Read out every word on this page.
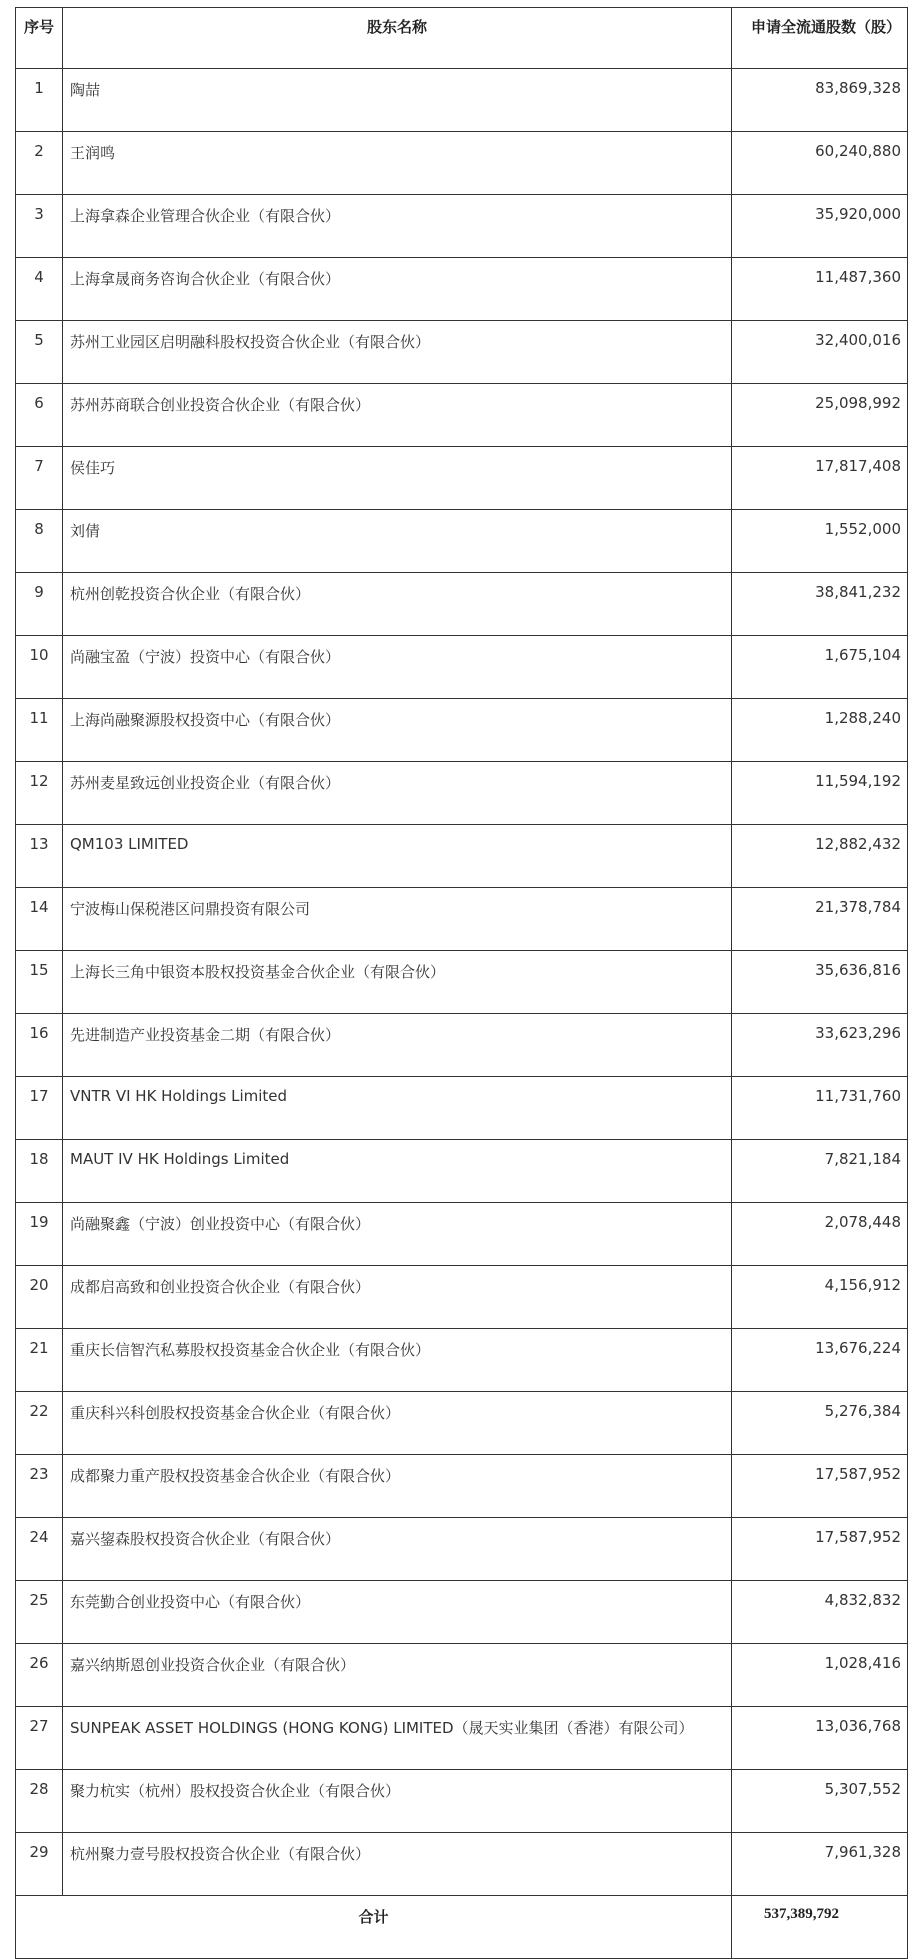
序号	股东名称	申请全流通股数（股）
1	陶喆	83,869,328
2	王润鸣	60,240,880
3	上海拿森企业管理合伙企业（有限合伙）	35,920,000
4	上海拿晟商务咨询合伙企业（有限合伙）	11,487,360
5	苏州工业园区启明融科股权投资合伙企业（有限合伙）	32,400,016
6	苏州苏商联合创业投资合伙企业（有限合伙）	25,098,992
7	侯佳巧	17,817,408
8	刘倩	1,552,000
9	杭州创乾投资合伙企业（有限合伙）	38,841,232
10	尚融宝盈（宁波）投资中心（有限合伙）	1,675,104
11	上海尚融聚源股权投资中心（有限合伙）	1,288,240
12	苏州麦星致远创业投资企业（有限合伙）	11,594,192
13	QM103 LIMITED	12,882,432
14	宁波梅山保税港区问鼎投资有限公司	21,378,784
15	上海长三角中银资本股权投资基金合伙企业（有限合伙）	35,636,816
16	先进制造产业投资基金二期（有限合伙）	33,623,296
17	VNTR VI HK Holdings Limited	11,731,760
18	MAUT IV HK Holdings Limited	7,821,184
19	尚融聚鑫（宁波）创业投资中心（有限合伙）	2,078,448
20	成都启高致和创业投资合伙企业（有限合伙）	4,156,912
21	重庆长信智汽私募股权投资基金合伙企业（有限合伙）	13,676,224
22	重庆科兴科创股权投资基金合伙企业（有限合伙）	5,276,384
23	成都聚力重产股权投资基金合伙企业（有限合伙）	17,587,952
24	嘉兴鋆森股权投资合伙企业（有限合伙）	17,587,952
25	东莞勤合创业投资中心（有限合伙）	4,832,832
26	嘉兴纳斯恩创业投资合伙企业（有限合伙）	1,028,416
27	SUNPEAK ASSET HOLDINGS (HONG KONG) LIMITED（晟天实业集团（香港）有限公司）	13,036,768
28	聚力杭实（杭州）股权投资合伙企业（有限合伙）	5,307,552
29	杭州聚力壹号股权投资合伙企业（有限合伙）	7,961,328
合计		537,389,792
